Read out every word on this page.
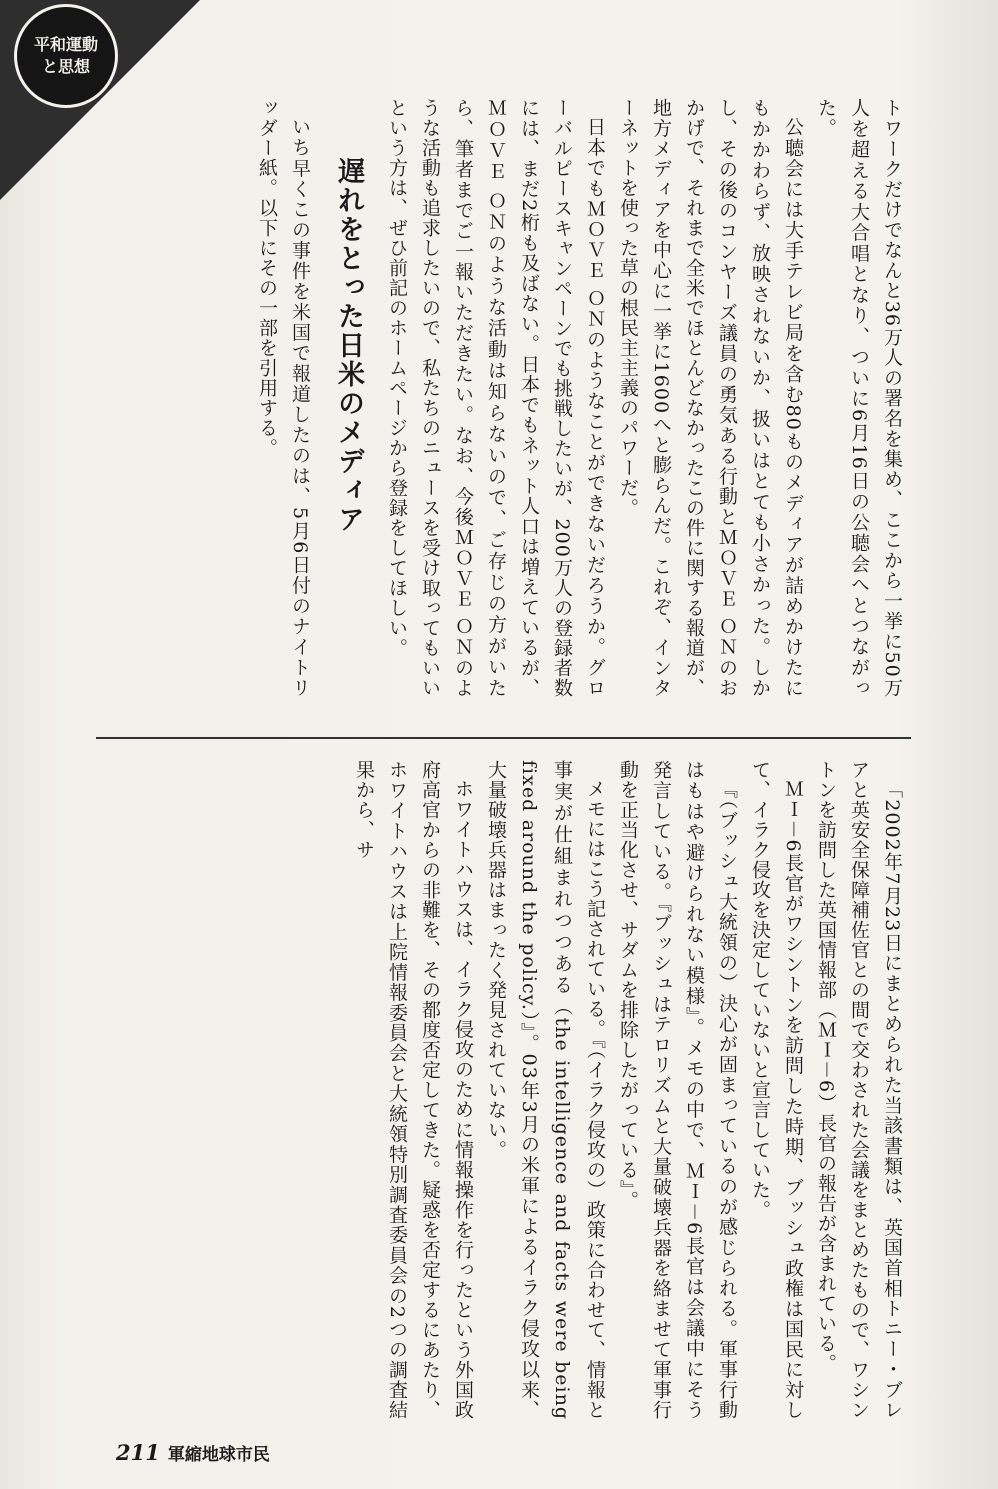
平和運動
と思想

トワークだけでなんと36万人の署名を集め、ここから一挙に50万人を超える大合唱となり、ついに6月16日の公聴会へとつながった。

公聴会には大手テレビ局を含む80ものメディアが詰めかけたにもかかわらず、放映されないか、扱いはとても小さかった。しかし、その後のコンヤーズ議員の勇気ある行動とＭＯＶＥ ＯＮのおかげで、それまで全米でほとんどなかったこの件に関する報道が、地方メディアを中心に一挙に1600へと膨らんだ。これぞ、インターネットを使った草の根民主主義のパワーだ。

日本でもＭＯＶＥ ＯＮのようなことができないだろうか。グローバルピースキャンペーンでも挑戦したいが、200万人の登録者数には、まだ2桁も及ばない。日本でもネット人口は増えているが、ＭＯＶＥ ＯＮのような活動は知らないので、ご存じの方がいたら、筆者までご一報いただきたい。なお、今後ＭＯＶＥ ＯＮのような活動も追求したいので、私たちのニュースを受け取ってもいいという方は、ぜひ前記のホームページから登録をしてほしい。

遅れをとった日米のメディア

いち早くこの事件を米国で報道したのは、5月6日付のナイトリッダー紙。以下にその一部を引用する。

「2002年7月23日にまとめられた当該書類は、英国首相トニー・ブレアと英安全保障補佐官との間で交わされた会議をまとめたもので、ワシントンを訪問した英国情報部（ＭＩ－6）長官の報告が含まれている。

ＭＩ－6長官がワシントンを訪問した時期、ブッシュ政権は国民に対して、イラク侵攻を決定していないと宣言していた。

『（ブッシュ大統領の）決心が固まっているのが感じられる。軍事行動はもはや避けられない模様』。メモの中で、ＭＩ－6長官は会議中にそう発言している。『ブッシュはテロリズムと大量破壊兵器を絡ませて軍事行動を正当化させ、サダムを排除したがっている』。

メモにはこう記されている。『（イラク侵攻の）政策に合わせて、情報と事実が仕組まれつつある（the intelligence and facts were being fixed around the policy.）』。03年3月の米軍によるイラク侵攻以来、大量破壊兵器はまったく発見されていない。

ホワイトハウスは、イラク侵攻のために情報操作を行ったという外国政府高官からの非難を、その都度否定してきた。疑惑を否定するにあたり、ホワイトハウスは上院情報委員会と大統領特別調査委員会の2つの調査結果から、サ

211 軍縮地球市民
